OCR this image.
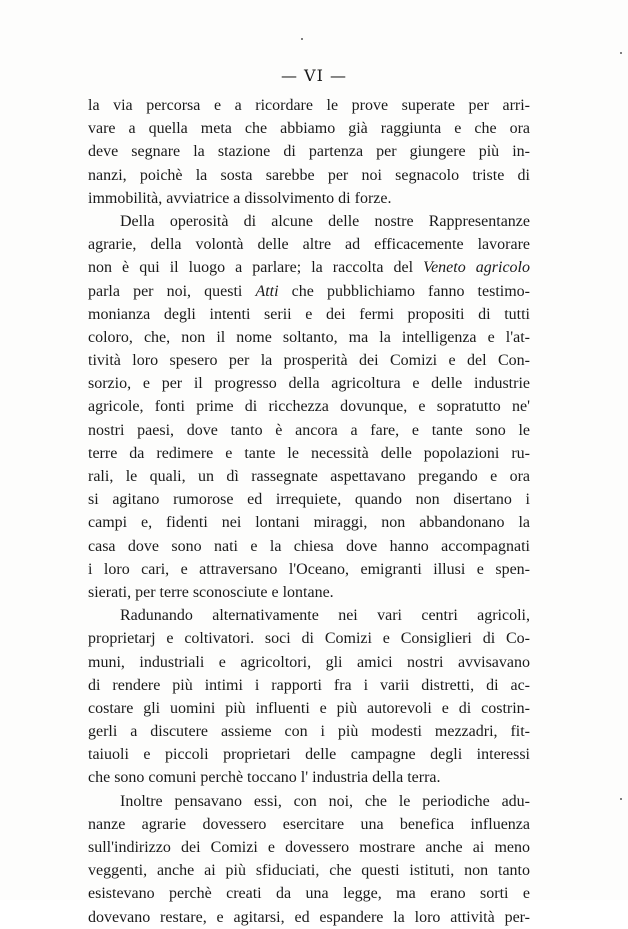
— VI —
la via percorsa e a ricordare le prove superate per arri-
vare a quella meta che abbiamo già raggiunta e che ora
deve segnare la stazione di partenza per giungere più in-
nanzi, poichè la sosta sarebbe per noi segnacolo triste di
immobilità, avviatrice a dissolvimento di forze.
Della operosità di alcune delle nostre Rappresentanze
agrarie, della volontà delle altre ad efficacemente lavorare
non è qui il luogo a parlare; la raccolta del Veneto agricolo
parla per noi, questi Atti che pubblichiamo fanno testimo-
monianza degli intenti serii e dei fermi propositi di tutti
coloro, che, non il nome soltanto, ma la intelligenza e l'at-
tività loro spesero per la prosperità dei Comizi e del Con-
sorzio, e per il progresso della agricoltura e delle industrie
agricole, fonti prime di ricchezza dovunque, e sopratutto ne'
nostri paesi, dove tanto è ancora a fare, e tante sono le
terre da redimere e tante le necessità delle popolazioni ru-
rali, le quali, un dì rassegnate aspettavano pregando e ora
si agitano rumorose ed irrequiete, quando non disertano i
campi e, fidenti nei lontani miraggi, non abbandonano la
casa dove sono nati e la chiesa dove hanno accompagnati
i loro cari, e attraversano l'Oceano, emigranti illusi e spen-
sierati, per terre sconosciute e lontane.
Radunando alternativamente nei vari centri agricoli,
proprietarj e coltivatori. soci di Comizi e Consiglieri di Co-
muni, industriali e agricoltori, gli amici nostri avvisavano
di rendere più intimi i rapporti fra i varii distretti, di ac-
costare gli uomini più influenti e più autorevoli e di costrin-
gerli a discutere assieme con i più modesti mezzadri, fit-
taiuoli e piccoli proprietari delle campagne degli interessi
che sono comuni perchè toccano l' industria della terra.
Inoltre pensavano essi, con noi, che le periodiche adu-
nanze agrarie dovessero esercitare una benefica influenza
sull'indirizzo dei Comizi e dovessero mostrare anche ai meno
veggenti, anche ai più sfiduciati, che questi istituti, non tanto
esistevano perchè creati da una legge, ma erano sorti e
dovevano restare, e agitarsi, ed espandere la loro attività per-
